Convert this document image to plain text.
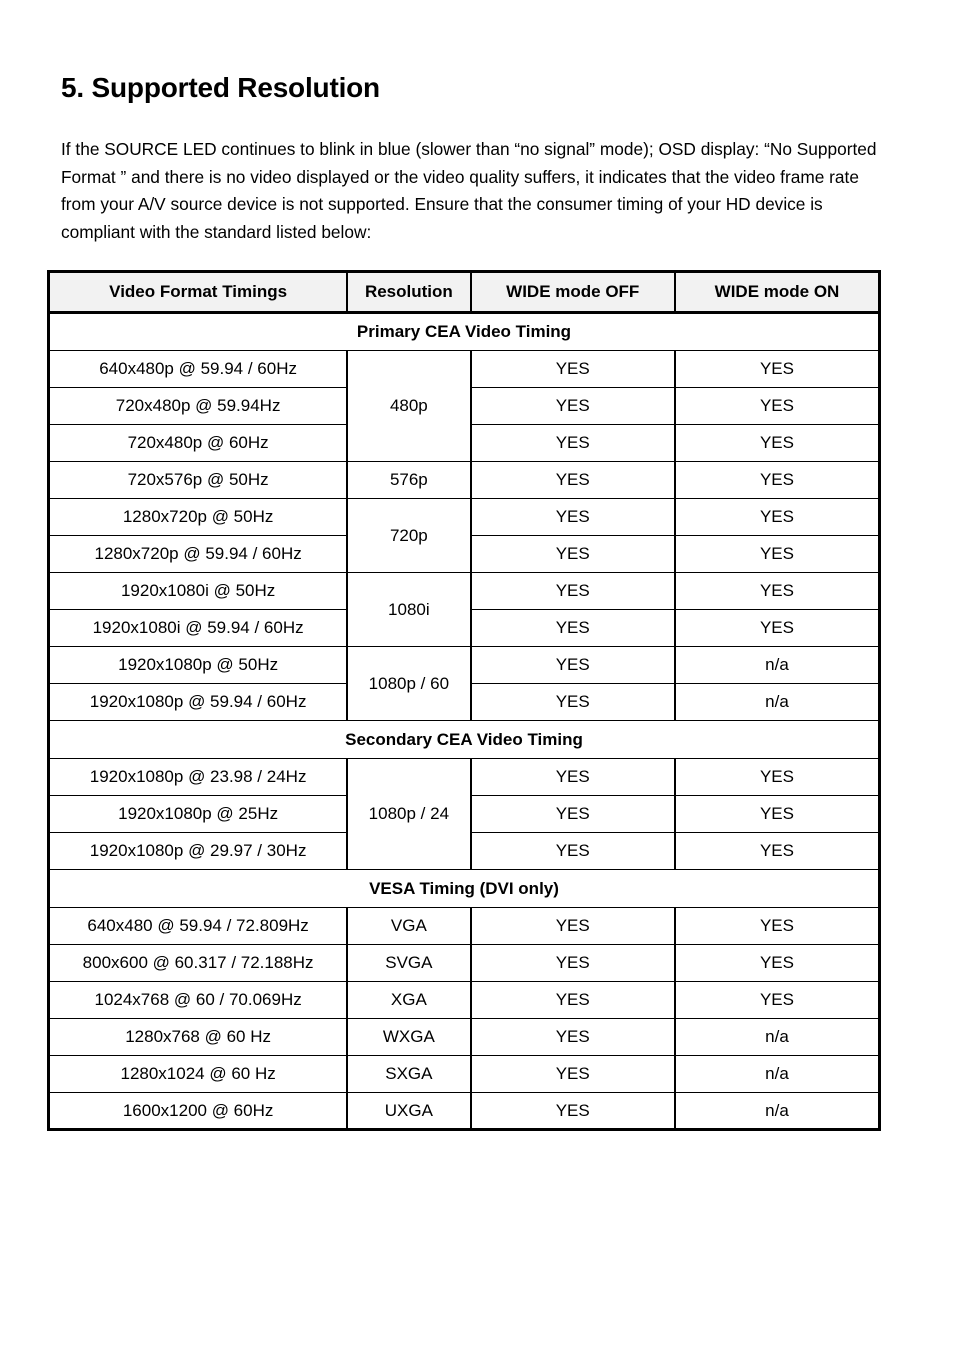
5. Supported Resolution

If the SOURCE LED continues to blink in blue (slower than “no signal” mode); OSD display: “No Supported Format ” and there is no video displayed or the video quality suffers, it indicates that the video frame rate from your A/V source device is not supported. Ensure that the consumer timing of your HD device is compliant with the standard listed below:

Video Format Timings	Resolution	WIDE mode OFF	WIDE mode ON
Primary CEA Video Timing			
640x480p @ 59.94 / 60Hz	480p	YES	YES
720x480p @ 59.94Hz		YES	YES
720x480p @ 60Hz		YES	YES
720x576p @ 50Hz	576p	YES	YES
1280x720p @ 50Hz	720p	YES	YES
1280x720p @ 59.94 / 60Hz		YES	YES
1920x1080i @ 50Hz	1080i	YES	YES
1920x1080i @ 59.94 / 60Hz		YES	YES
1920x1080p @ 50Hz	1080p / 60	YES	n/a
1920x1080p @ 59.94 / 60Hz		YES	n/a
Secondary CEA Video Timing			
1920x1080p @ 23.98 / 24Hz	1080p / 24	YES	YES
1920x1080p @ 25Hz		YES	YES
1920x1080p @ 29.97 / 30Hz		YES	YES
VESA Timing (DVI only)			
640x480 @ 59.94 / 72.809Hz	VGA	YES	YES
800x600 @ 60.317 / 72.188Hz	SVGA	YES	YES
1024x768 @ 60 / 70.069Hz	XGA	YES	YES
1280x768 @ 60 Hz	WXGA	YES	n/a
1280x1024 @ 60 Hz	SXGA	YES	n/a
1600x1200 @ 60Hz	UXGA	YES	n/a
